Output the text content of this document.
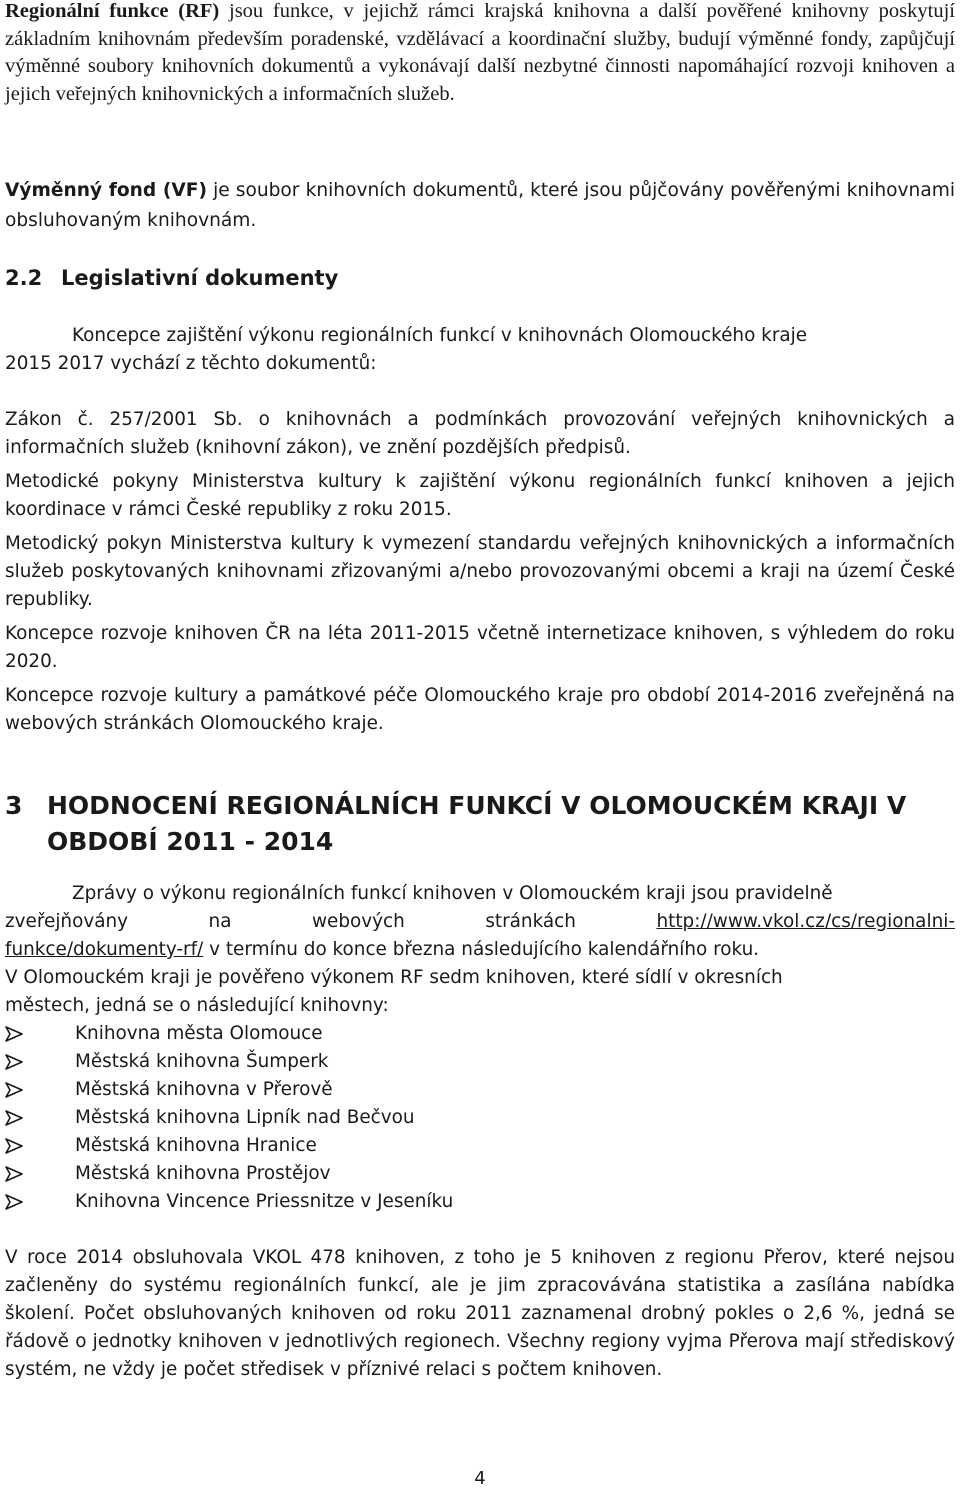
Regionální funkce (RF) jsou funkce, v jejichž rámci krajská knihovna a další pověřené knihovny poskytují základním knihovnám především poradenské, vzdělávací a koordinační služby, budují výměnné fondy, zapůjčují výměnné soubory knihovních dokumentů a vykonávají další nezbytné činnosti napomáhající rozvoji knihoven a jejich veřejných knihovnických a informačních služeb.

Výměnný fond (VF) je soubor knihovních dokumentů, které jsou půjčovány pověřenými knihovnami obsluhovaným knihovnám.

2.2 Legislativní dokumenty

Koncepce zajištění výkonu regionálních funkcí v knihovnách Olomouckého kraje

2015 2017 vychází z těchto dokumentů:

Zákon č. 257/2001 Sb. o knihovnách a podmínkách provozování veřejných knihovnických a informačních služeb (knihovní zákon), ve znění pozdějších předpisů.

Metodické pokyny Ministerstva kultury k zajištění výkonu regionálních funkcí knihoven a jejich koordinace v rámci České republiky z roku 2015.

Metodický pokyn Ministerstva kultury k vymezení standardu veřejných knihovnických a informačních služeb poskytovaných knihovnami zřizovanými a/nebo provozovanými obcemi a kraji na území České republiky.

Koncepce rozvoje knihoven ČR na léta 2011-2015 včetně internetizace knihoven, s výhledem do roku 2020.

Koncepce rozvoje kultury a památkové péče Olomouckého kraje pro období 2014-2016 zveřejněná na webových stránkách Olomouckého kraje.

3 HODNOCENÍ REGIONÁLNÍCH FUNKCÍ V OLOMOUCKÉM KRAJI V OBDOBÍ 2011 - 2014

Zprávy o výkonu regionálních funkcí knihoven v Olomouckém kraji jsou pravidelně

zveřejňovány	na	webových	stránkách	http://www.vkol.cz/cs/regionalni-
funkce/dokumenty-rf/ v termínu do konce března následujícího kalendářního roku.

V Olomouckém kraji je pověřeno výkonem RF sedm knihoven, které sídlí v okresních

městech, jedná se o následující knihovny:
Knihovna města Olomouce
Městská knihovna Šumperk
Městská knihovna v Přerově
Městská knihovna Lipník nad Bečvou
Městská knihovna Hranice
Městská knihovna Prostějov
Knihovna Vincence Priessnitze v Jeseníku

V roce 2014 obsluhovala VKOL 478 knihoven, z toho je 5 knihoven z regionu Přerov, které nejsou začleněny do systému regionálních funkcí, ale je jim zpracovávána statistika a zasílána nabídka školení. Počet obsluhovaných knihoven od roku 2011 zaznamenal drobný pokles o 2,6 %, jedná se řádově o jednotky knihoven v jednotlivých regionech. Všechny regiony vyjma Přerova mají střediskový systém, ne vždy je počet středisek v příznivé relaci s počtem knihoven.

4
